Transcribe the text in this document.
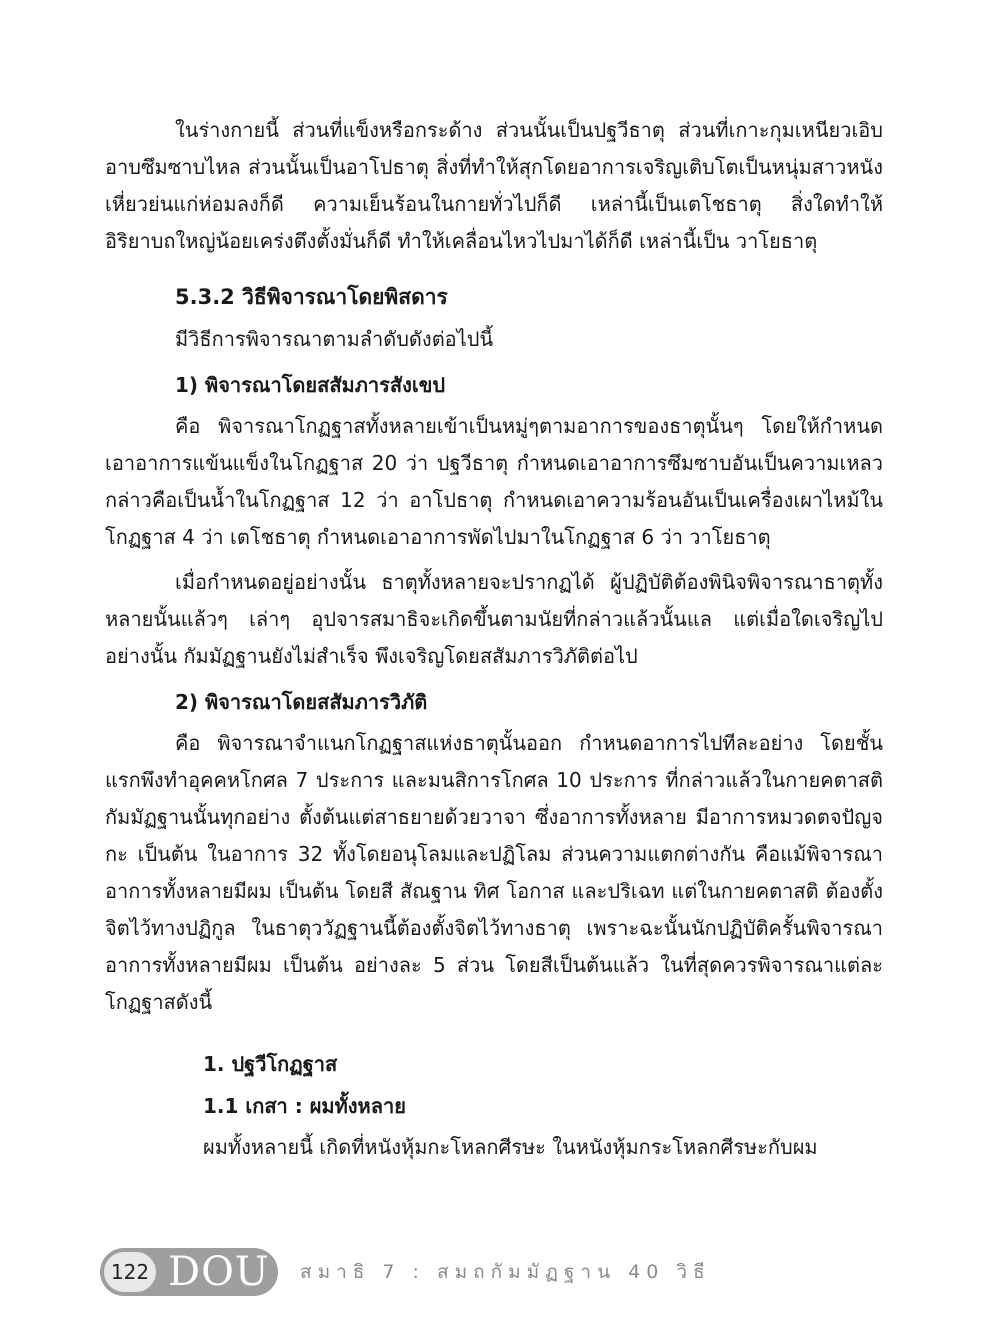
ในร่างกายนี้ ส่วนที่แข็งหรือกระด้าง ส่วนนั้นเป็นปฐวีธาตุ ส่วนที่เกาะกุมเหนียวเอิบอาบซึมซาบไหล ส่วนนั้นเป็นอาโปธาตุ สิ่งที่ทำให้สุกโดยอาการเจริญเติบโตเป็นหนุ่มสาวหนังเหี่ยวย่นแก่ห่อมลงก็ดี ความเย็นร้อนในกายทั่วไปก็ดี เหล่านี้เป็นเตโชธาตุ สิ่งใดทำให้อิริยาบถใหญ่น้อยเคร่งตึงตั้งมั่นก็ดี ทำให้เคลื่อนไหวไปมาได้ก็ดี เหล่านี้เป็น วาโยธาตุ

5.3.2 วิธีพิจารณาโดยพิสดาร

มีวิธีการพิจารณาตามลำดับดังต่อไปนี้

1) พิจารณาโดยสสัมภารสังเขป

คือ พิจารณาโกฏฐาสทั้งหลายเข้าเป็นหมู่ๆตามอาการของธาตุนั้นๆ โดยให้กำหนดเอาอาการแข้นแข็งในโกฏฐาส 20 ว่า ปฐวีธาตุ กำหนดเอาอาการซึมซาบอันเป็นความเหลวกล่าวคือเป็นน้ำในโกฏฐาส 12 ว่า อาโปธาตุ กำหนดเอาความร้อนอันเป็นเครื่องเผาไหม้ในโกฏฐาส 4 ว่า เตโชธาตุ กำหนดเอาอาการพัดไปมาในโกฏฐาส 6 ว่า วาโยธาตุ

เมื่อกำหนดอยู่อย่างนั้น ธาตุทั้งหลายจะปรากฏได้ ผู้ปฏิบัติต้องพินิจพิจารณาธาตุทั้งหลายนั้นแล้วๆ เล่าๆ อุปจารสมาธิจะเกิดขึ้นตามนัยที่กล่าวแล้วนั้นแล แต่เมื่อใดเจริญไปอย่างนั้น กัมมัฏฐานยังไม่สำเร็จ พึงเจริญโดยสสัมภารวิภัติต่อไป

2) พิจารณาโดยสสัมภารวิภัติ

คือ พิจารณาจำแนกโกฏฐาสแห่งธาตุนั้นออก กำหนดอาการไปทีละอย่าง โดยชั้นแรกพึงทำอุคคหโกศล 7 ประการ และมนสิการโกศล 10 ประการ ที่กล่าวแล้วในกายคตาสติกัมมัฏฐานนั้นทุกอย่าง ตั้งต้นแต่สาธยายด้วยวาจา ซึ่งอาการทั้งหลาย มีอาการหมวดตจปัญจกะ เป็นต้น ในอาการ 32 ทั้งโดยอนุโลมและปฏิโลม ส่วนความแตกต่างกัน คือแม้พิจารณาอาการทั้งหลายมีผม เป็นต้น โดยสี สัณฐาน ทิศ โอกาส และปริเฉท แต่ในกายคตาสติ ต้องตั้งจิตไว้ทางปฏิกูล ในธาตุววัฏฐานนี้ต้องตั้งจิตไว้ทางธาตุ เพราะฉะนั้นนักปฏิบัติครั้นพิจารณาอาการทั้งหลายมีผม เป็นต้น อย่างละ 5 ส่วน โดยสีเป็นต้นแล้ว ในที่สุดควรพิจารณาแต่ละโกฏฐาสดังนี้

1. ปฐวีโกฏฐาส
1.1 เกสา : ผมทั้งหลาย

ผมทั้งหลายนี้ เกิดที่หนังหุ้มกะโหลกศีรษะ ในหนังหุ้มกระโหลกศีรษะกับผม

122 DOU สมาธิ 7 : สมถกัมมัฏฐาน 40 วิธี
